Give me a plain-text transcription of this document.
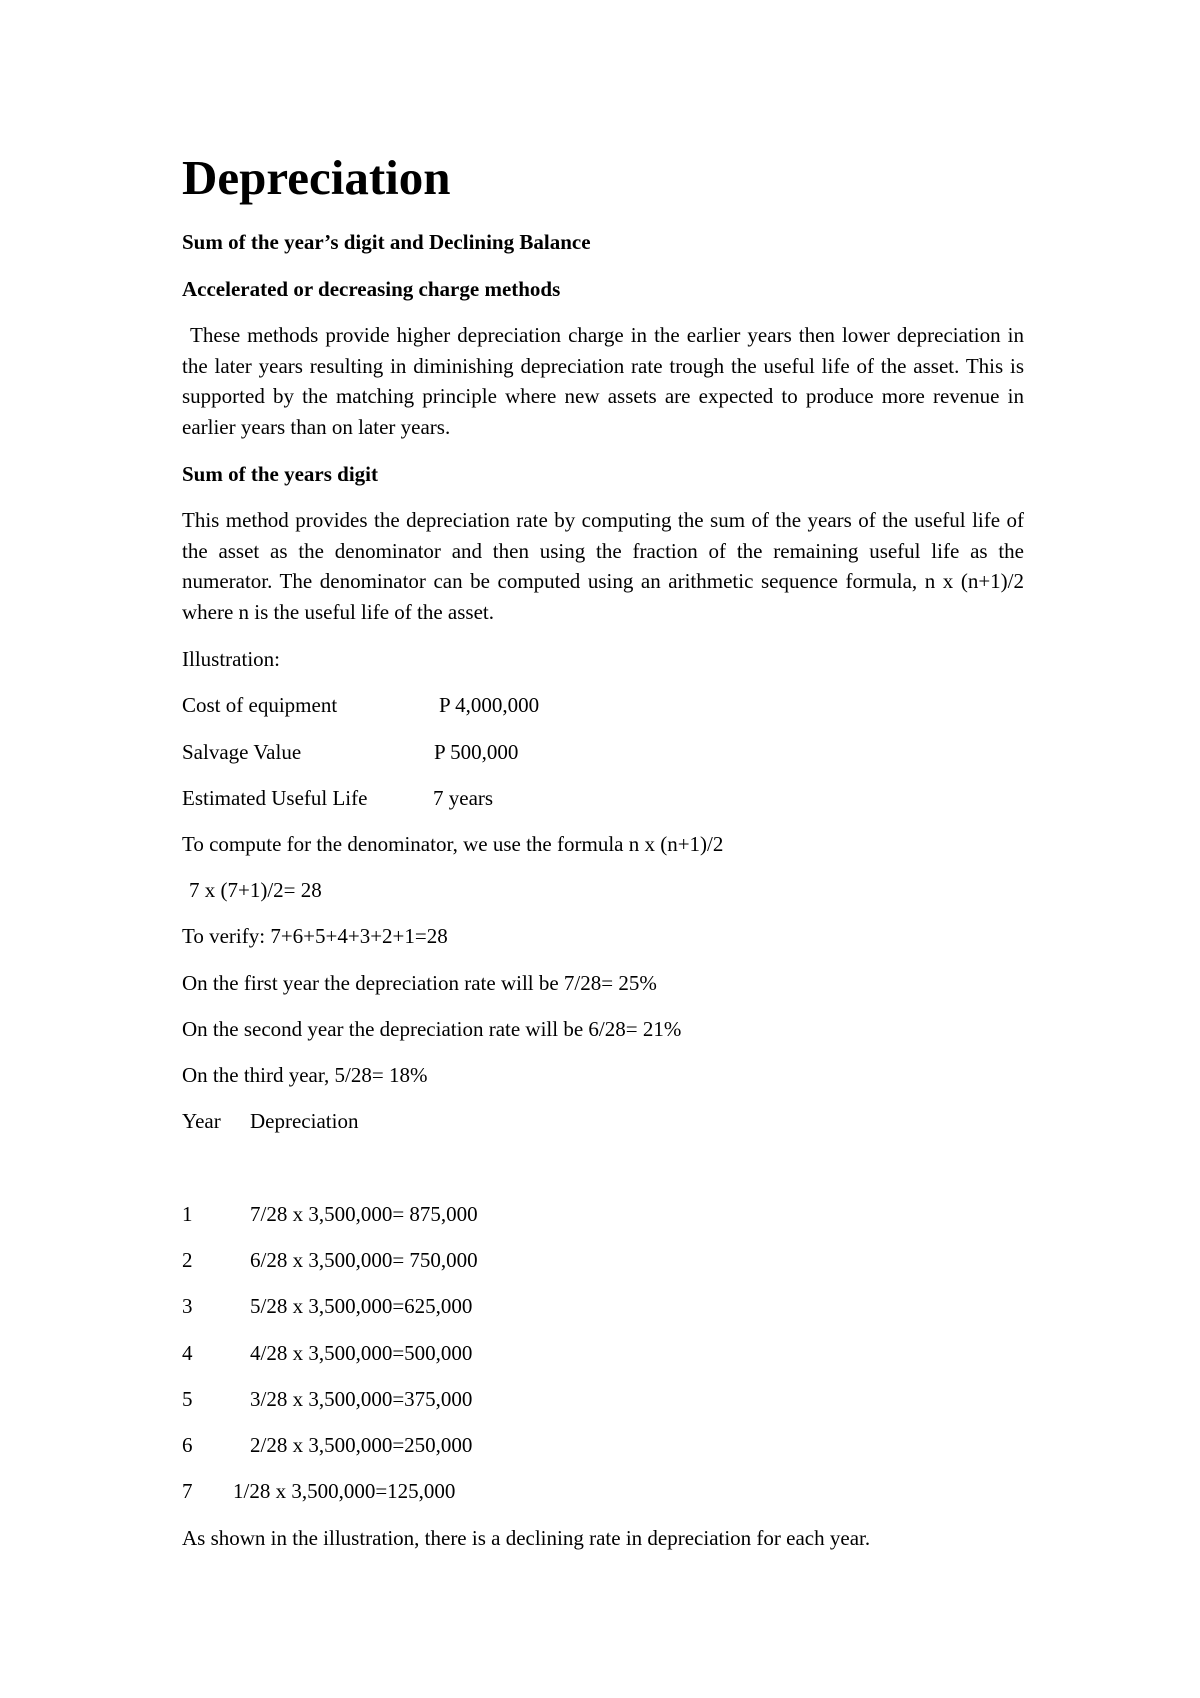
Depreciation
Sum of the year’s digit and Declining Balance
Accelerated or decreasing charge methods

These methods provide higher depreciation charge in the earlier years then lower depreciation in the later years resulting in diminishing depreciation rate trough the useful life of the asset. This is supported by the matching principle where new assets are expected to produce more revenue in earlier years than on later years.

Sum of the years digit

This method provides the depreciation rate by computing the sum of the years of the useful life of the asset as the denominator and then using the fraction of the remaining useful life as the numerator. The denominator can be computed using an arithmetic sequence formula, n x (n+1)/2 where n is the useful life of the asset.

Illustration:
Cost of equipment	P 4,000,000
Salvage Value	P 500,000
Estimated Useful Life	7 years
To compute for the denominator, we use the formula n x (n+1)/2
7 x (7+1)/2= 28
To verify: 7+6+5+4+3+2+1=28
On the first year the depreciation rate will be 7/28= 25%
On the second year the depreciation rate will be 6/28= 21%
On the third year, 5/28= 18%
Year Depreciation
1	7/28 x 3,500,000= 875,000
2	6/28 x 3,500,000= 750,000
3	5/28 x 3,500,000=625,000
4	4/28 x 3,500,000=500,000
5	3/28 x 3,500,000=375,000
6	2/28 x 3,500,000=250,000
7 1/28 x 3,500,000=125,000
As shown in the illustration, there is a declining rate in depreciation for each year.
